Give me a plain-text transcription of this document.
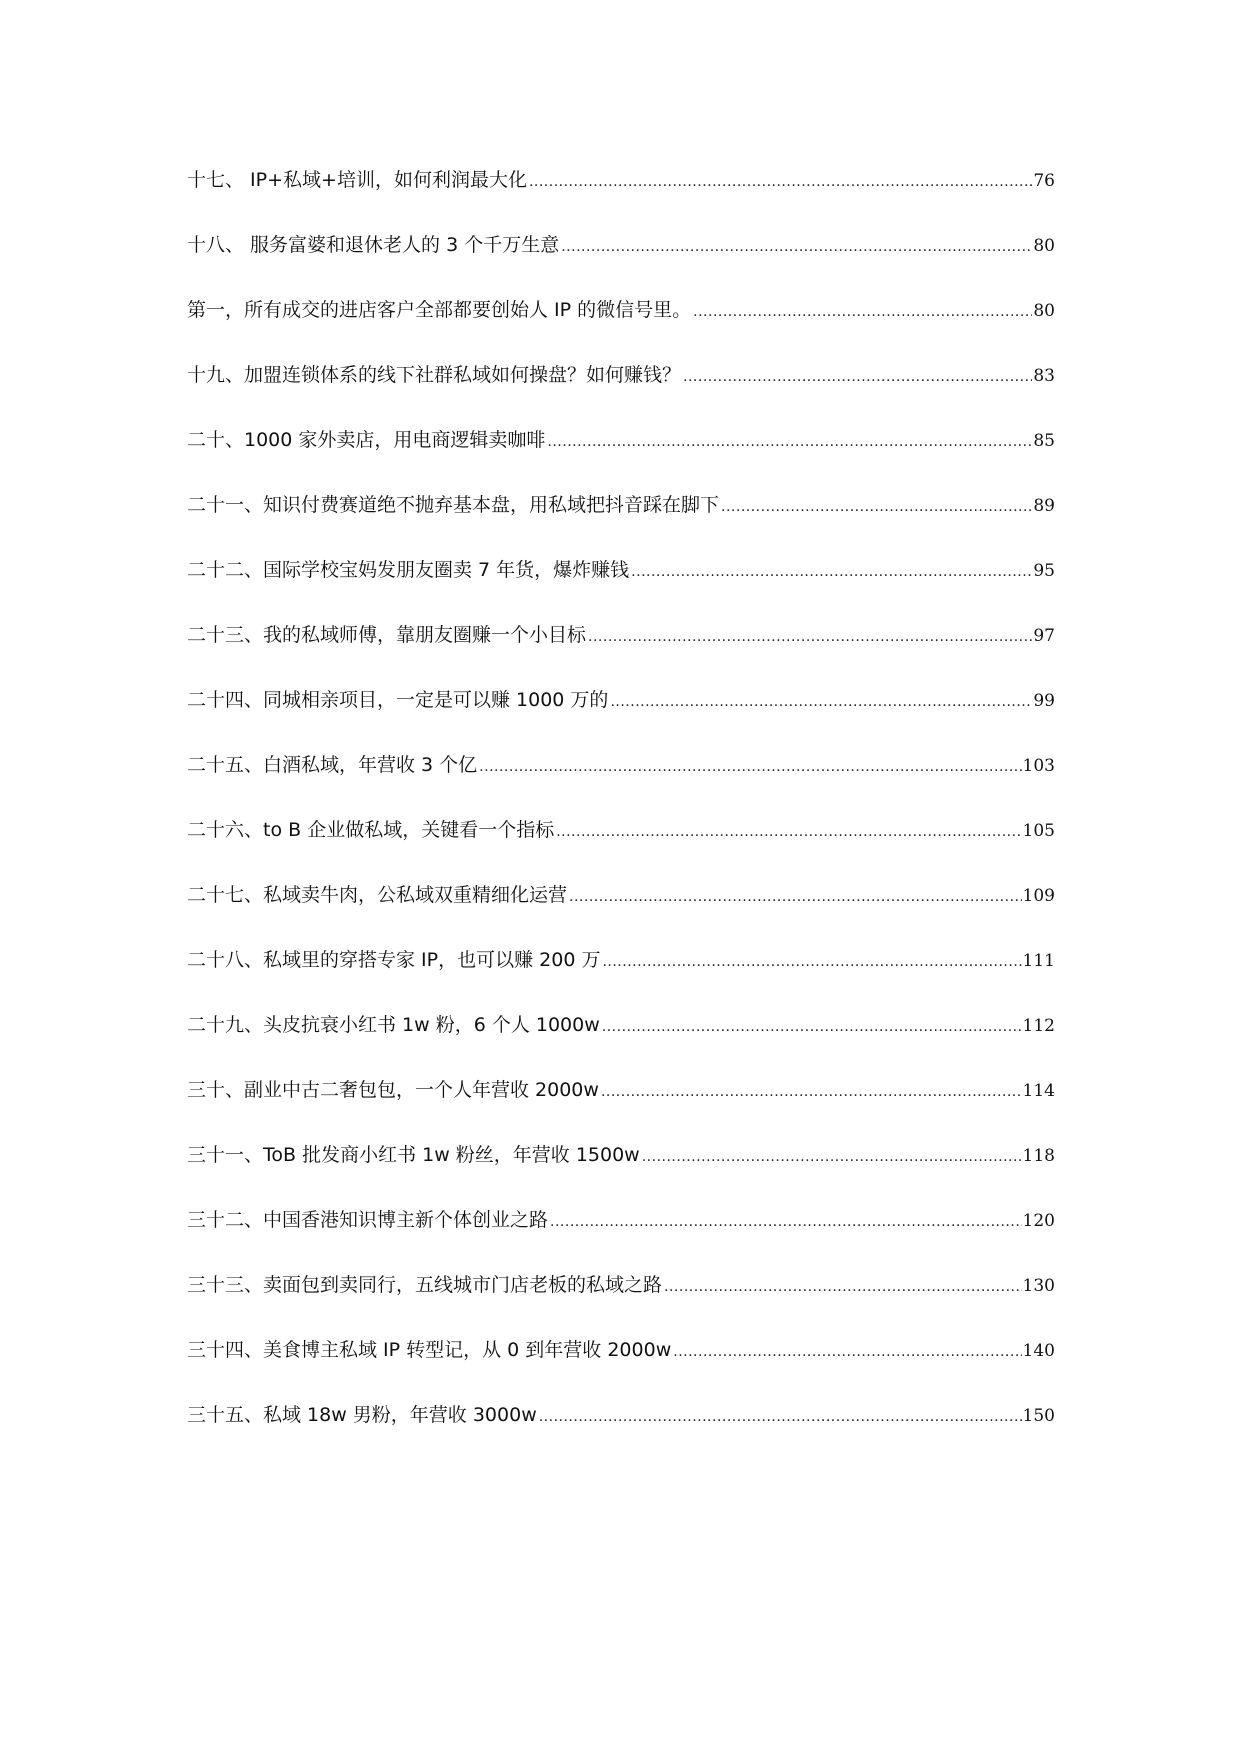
十七、 IP+私域+培训，如何利润最大化 .....	76
十八、 服务富婆和退休老人的 3 个千万生意 .....	80
第一，所有成交的进店客户全部都要创始人 IP 的微信号里。 .....	80
十九、加盟连锁体系的线下社群私域如何操盘？如何赚钱？ .....	83
二十、1000 家外卖店，用电商逻辑卖咖啡 .....	85
二十一、知识付费赛道绝不抛弃基本盘，用私域把抖音踩在脚下 .....	89
二十二、国际学校宝妈发朋友圈卖 7 年货，爆炸赚钱 .....	95
二十三、我的私域师傅，靠朋友圈赚一个小目标 .....	97
二十四、同城相亲项目，一定是可以赚 1000 万的 .....	99
二十五、白酒私域，年营收 3 个亿 .....	103
二十六、to B 企业做私域，关键看一个指标 .....	105
二十七、私域卖牛肉，公私域双重精细化运营 .....	109
二十八、私域里的穿搭专家 IP，也可以赚 200 万 .....	111
二十九、头皮抗衰小红书 1w 粉，6 个人 1000w .....	112
三十、副业中古二奢包包，一个人年营收 2000w .....	114
三十一、ToB 批发商小红书 1w 粉丝，年营收 1500w .....	118
三十二、中国香港知识博主新个体创业之路 .....	120
三十三、卖面包到卖同行，五线城市门店老板的私域之路 .....	130
三十四、美食博主私域 IP 转型记，从 0 到年营收 2000w .....	140
三十五、私域 18w 男粉，年营收 3000w .....	150
